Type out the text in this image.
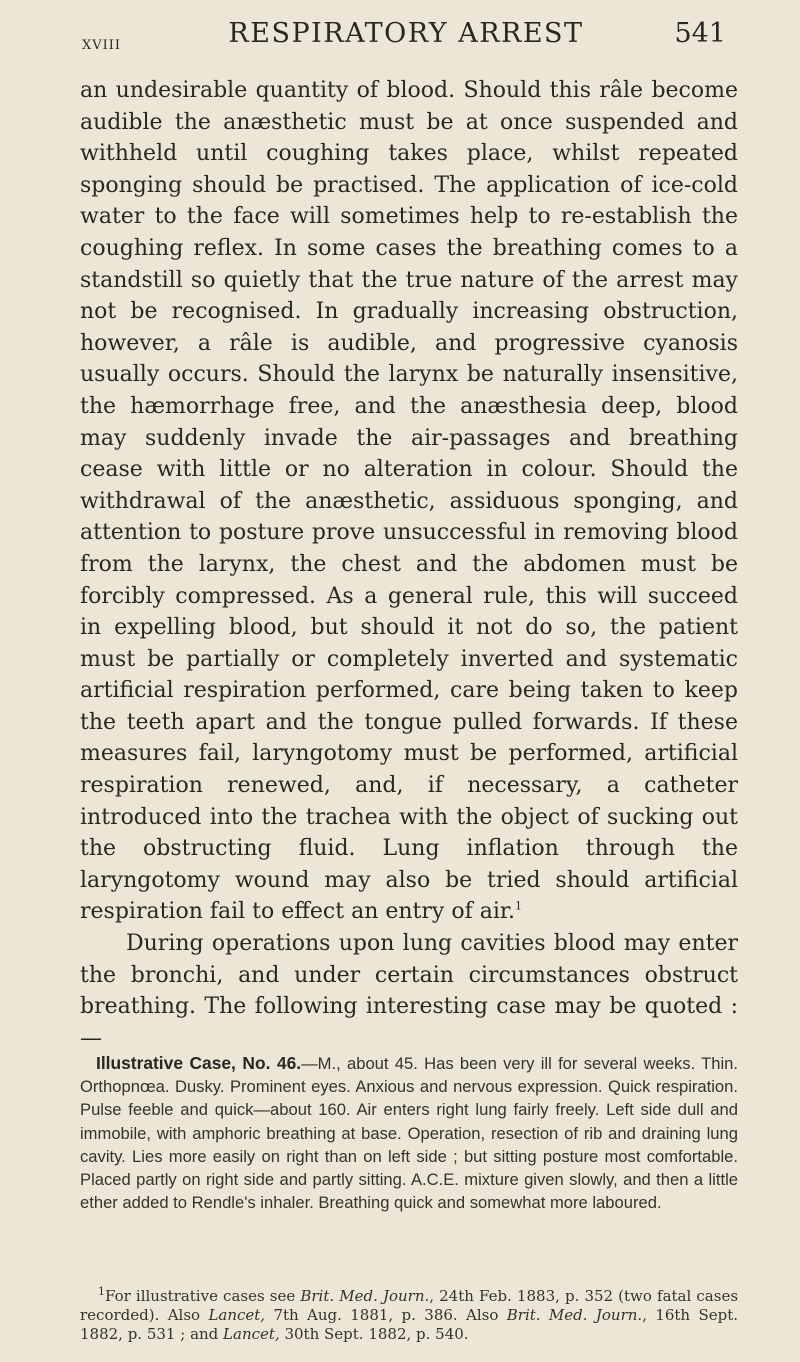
XVIII	RESPIRATORY ARREST	541

an undesirable quantity of blood. Should this râle become audible the anæsthetic must be at once suspended and withheld until coughing takes place, whilst repeated sponging should be practised. The application of ice-cold water to the face will sometimes help to re-establish the coughing reflex. In some cases the breathing comes to a standstill so quietly that the true nature of the arrest may not be recognised. In gradually increasing obstruction, however, a râle is audible, and progressive cyanosis usually occurs. Should the larynx be naturally insensitive, the hæmorrhage free, and the anæsthesia deep, blood may suddenly invade the air-passages and breathing cease with little or no alteration in colour. Should the withdrawal of the anæsthetic, assiduous sponging, and attention to posture prove unsuccessful in removing blood from the larynx, the chest and the abdomen must be forcibly compressed. As a general rule, this will succeed in expelling blood, but should it not do so, the patient must be partially or completely inverted and systematic artificial respiration performed, care being taken to keep the teeth apart and the tongue pulled forwards. If these measures fail, laryngotomy must be performed, artificial respiration renewed, and, if necessary, a catheter introduced into the trachea with the object of sucking out the obstructing fluid. Lung inflation through the laryngotomy wound may also be tried should artificial respiration fail to effect an entry of air.$^1$

During operations upon lung cavities blood may enter the bronchi, and under certain circumstances obstruct breathing. The following interesting case may be quoted :—

Illustrative Case, No. 46.—M., about 45. Has been very ill for several weeks. Thin. Orthopnœa. Dusky. Prominent eyes. Anxious and nervous expression. Quick respiration. Pulse feeble and quick—about 160. Air enters right lung fairly freely. Left side dull and immobile, with amphoric breathing at base. Operation, resection of rib and draining lung cavity. Lies more easily on right than on left side ; but sitting posture most comfortable. Placed partly on right side and partly sitting. A.C.E. mixture given slowly, and then a little ether added to Rendle's inhaler. Breathing quick and somewhat more laboured.
$^1$For illustrative cases see Brit. Med. Journ., 24th Feb. 1883, p. 352 (two fatal cases recorded). Also Lancet, 7th Aug. 1881, p. 386. Also Brit. Med. Journ., 16th Sept. 1882, p. 531 ; and Lancet, 30th Sept. 1882, p. 540.
